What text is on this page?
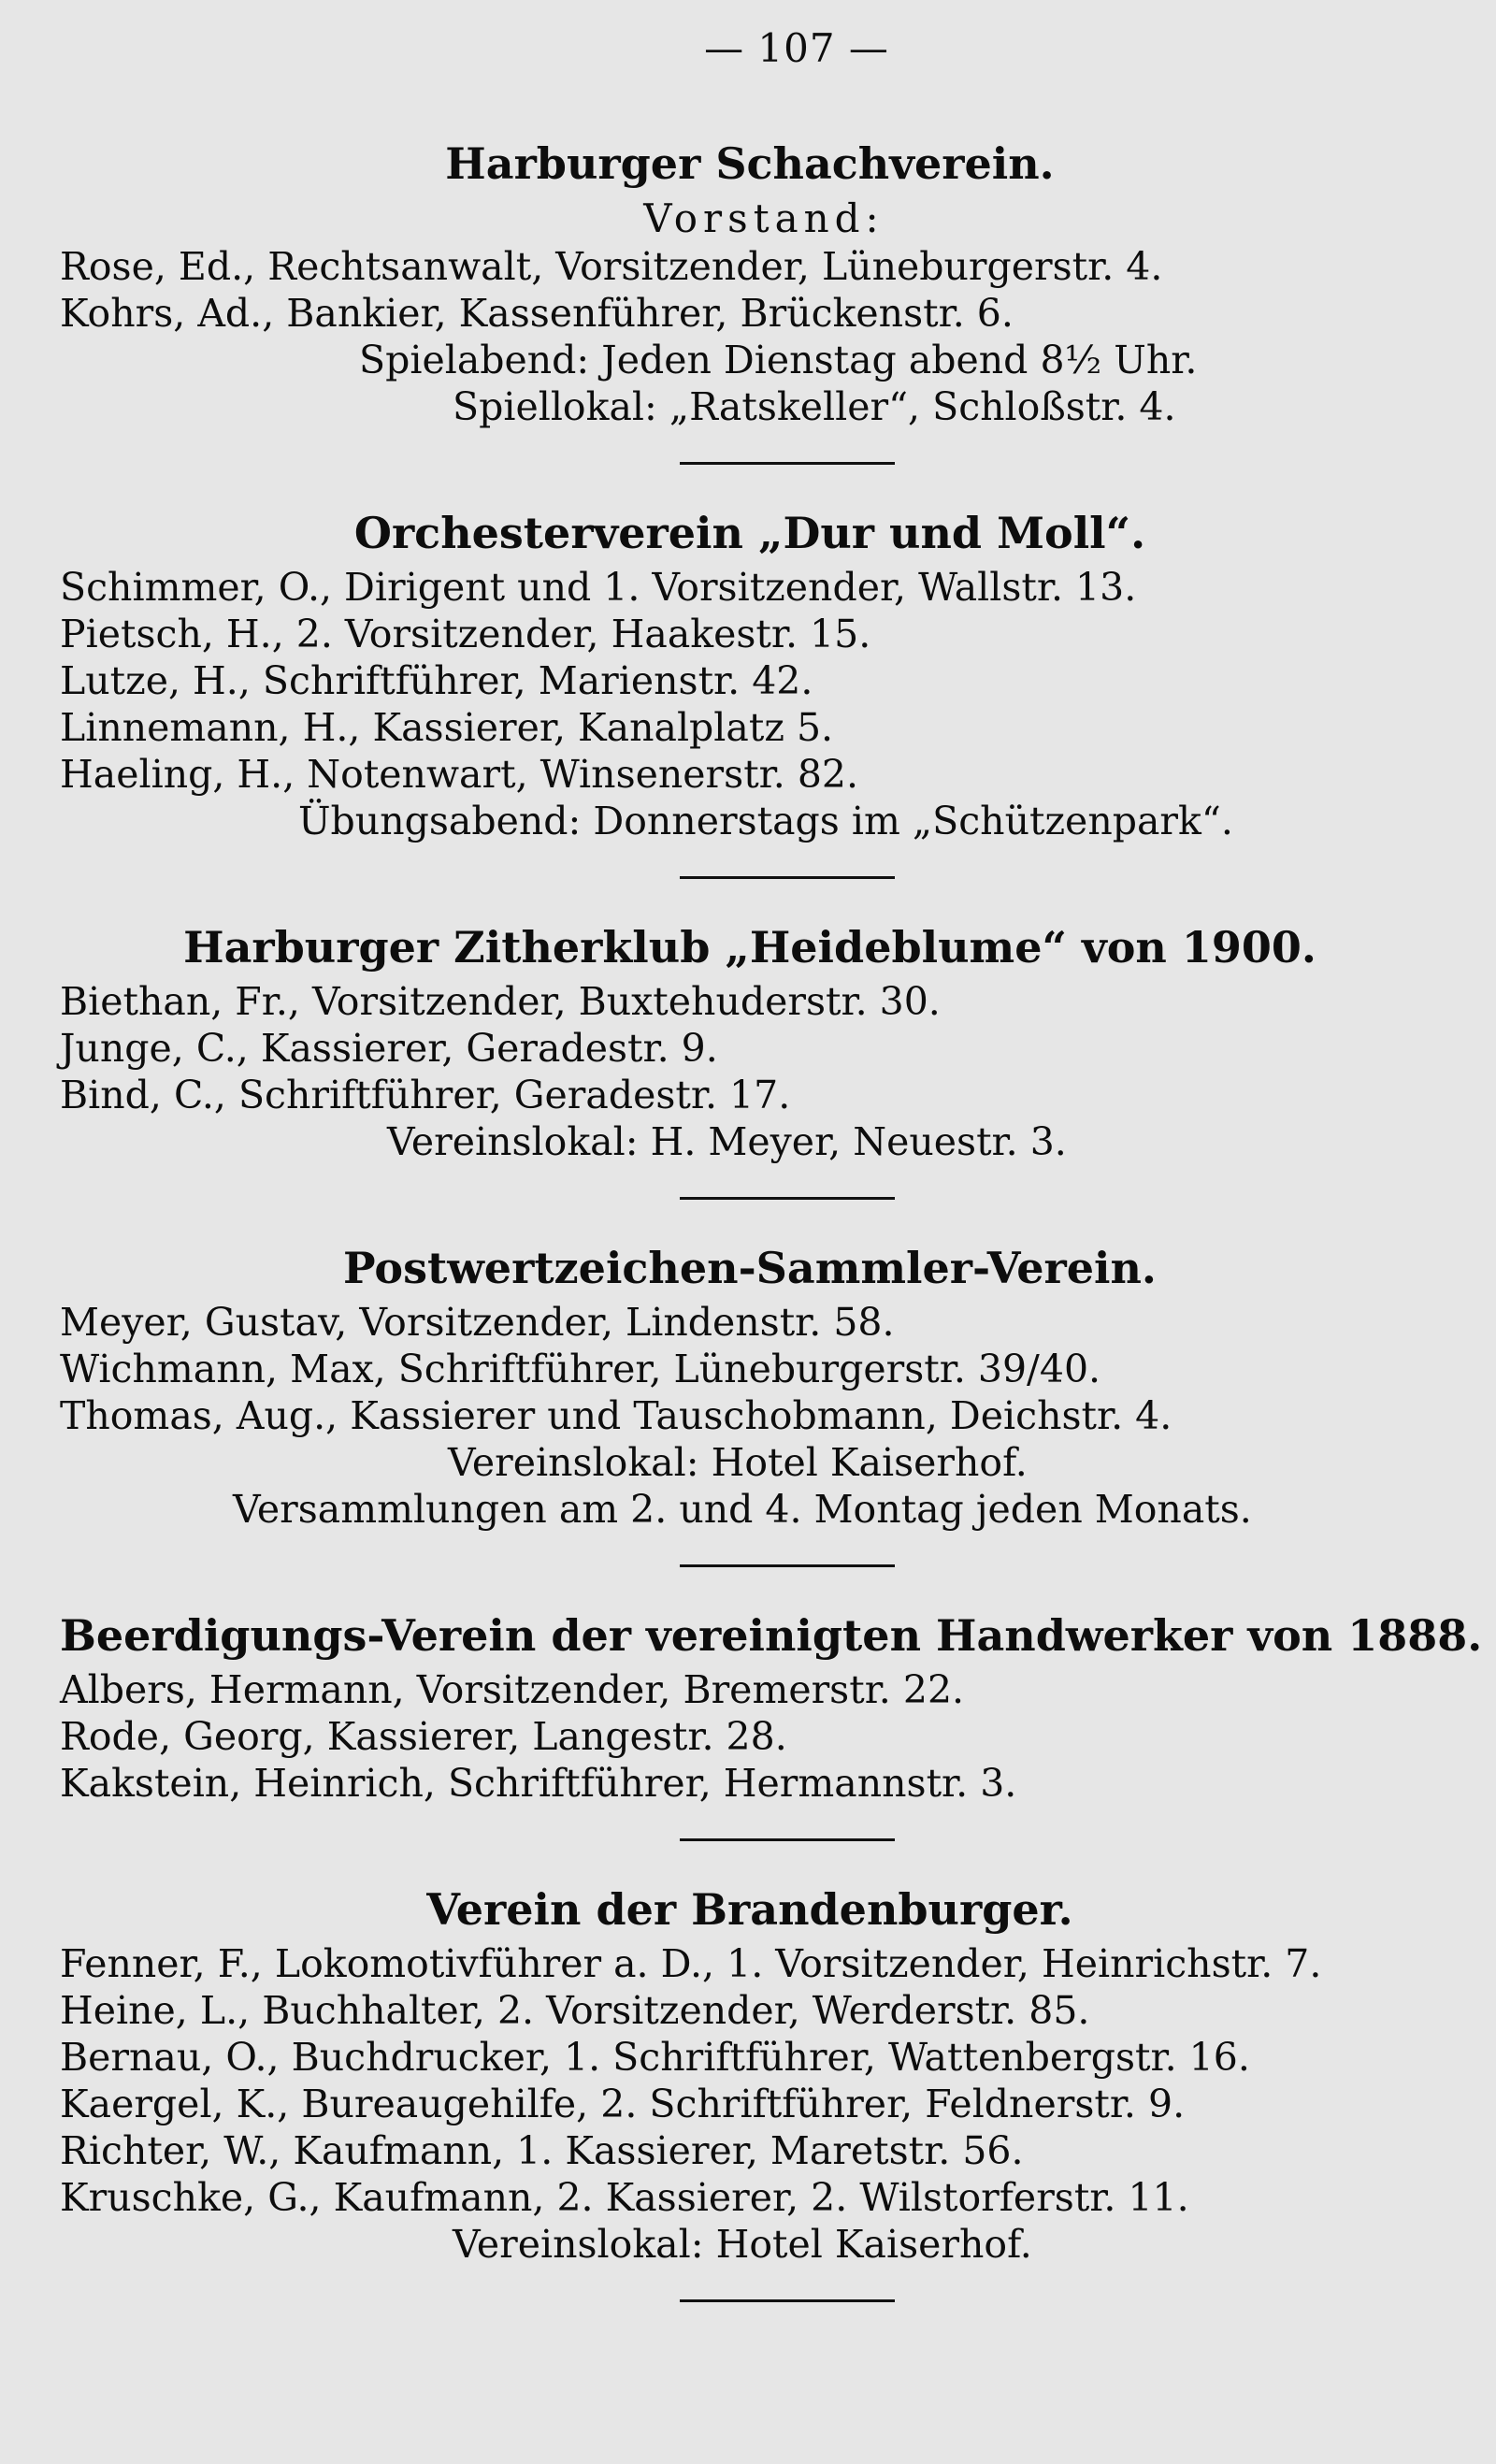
— 107 —
Harburger Schachverein.
Vorstand:
Rose, Ed., Rechtsanwalt, Vorsitzender, Lüneburgerstr. 4.
Kohrs, Ad., Bankier, Kassenführer, Brückenstr. 6.
Spielabend: Jeden Dienstag abend 8½ Uhr.
Spiellokal: „Ratskeller“, Schloßstr. 4.
Orchesterverein „Dur und Moll“.
Schimmer, O., Dirigent und 1. Vorsitzender, Wallstr. 13.
Pietsch, H., 2. Vorsitzender, Haakestr. 15.
Lutze, H., Schriftführer, Marienstr. 42.
Linnemann, H., Kassierer, Kanalplatz 5.
Haeling, H., Notenwart, Winsenerstr. 82.
Übungsabend: Donnerstags im „Schützenpark“.
Harburger Zitherklub „Heideblume“ von 1900.
Biethan, Fr., Vorsitzender, Buxtehuderstr. 30.
Junge, C., Kassierer, Geradestr. 9.
Bind, C., Schriftführer, Geradestr. 17.
Vereinslokal: H. Meyer, Neuestr. 3.
Postwertzeichen-Sammler-Verein.
Meyer, Gustav, Vorsitzender, Lindenstr. 58.
Wichmann, Max, Schriftführer, Lüneburgerstr. 39/40.
Thomas, Aug., Kassierer und Tauschobmann, Deichstr. 4.
Vereinslokal: Hotel Kaiserhof.
Versammlungen am 2. und 4. Montag jeden Monats.
Beerdigungs-Verein der vereinigten Handwerker von 1888.
Albers, Hermann, Vorsitzender, Bremerstr. 22.
Rode, Georg, Kassierer, Langestr. 28.
Kakstein, Heinrich, Schriftführer, Hermannstr. 3.
Verein der Brandenburger.
Fenner, F., Lokomotivführer a. D., 1. Vorsitzender, Heinrichstr. 7.
Heine, L., Buchhalter, 2. Vorsitzender, Werderstr. 85.
Bernau, O., Buchdrucker, 1. Schriftführer, Wattenbergstr. 16.
Kaergel, K., Bureaugehilfe, 2. Schriftführer, Feldnerstr. 9.
Richter, W., Kaufmann, 1. Kassierer, Maretstr. 56.
Kruschke, G., Kaufmann, 2. Kassierer, 2. Wilstorferstr. 11.
Vereinslokal: Hotel Kaiserhof.
